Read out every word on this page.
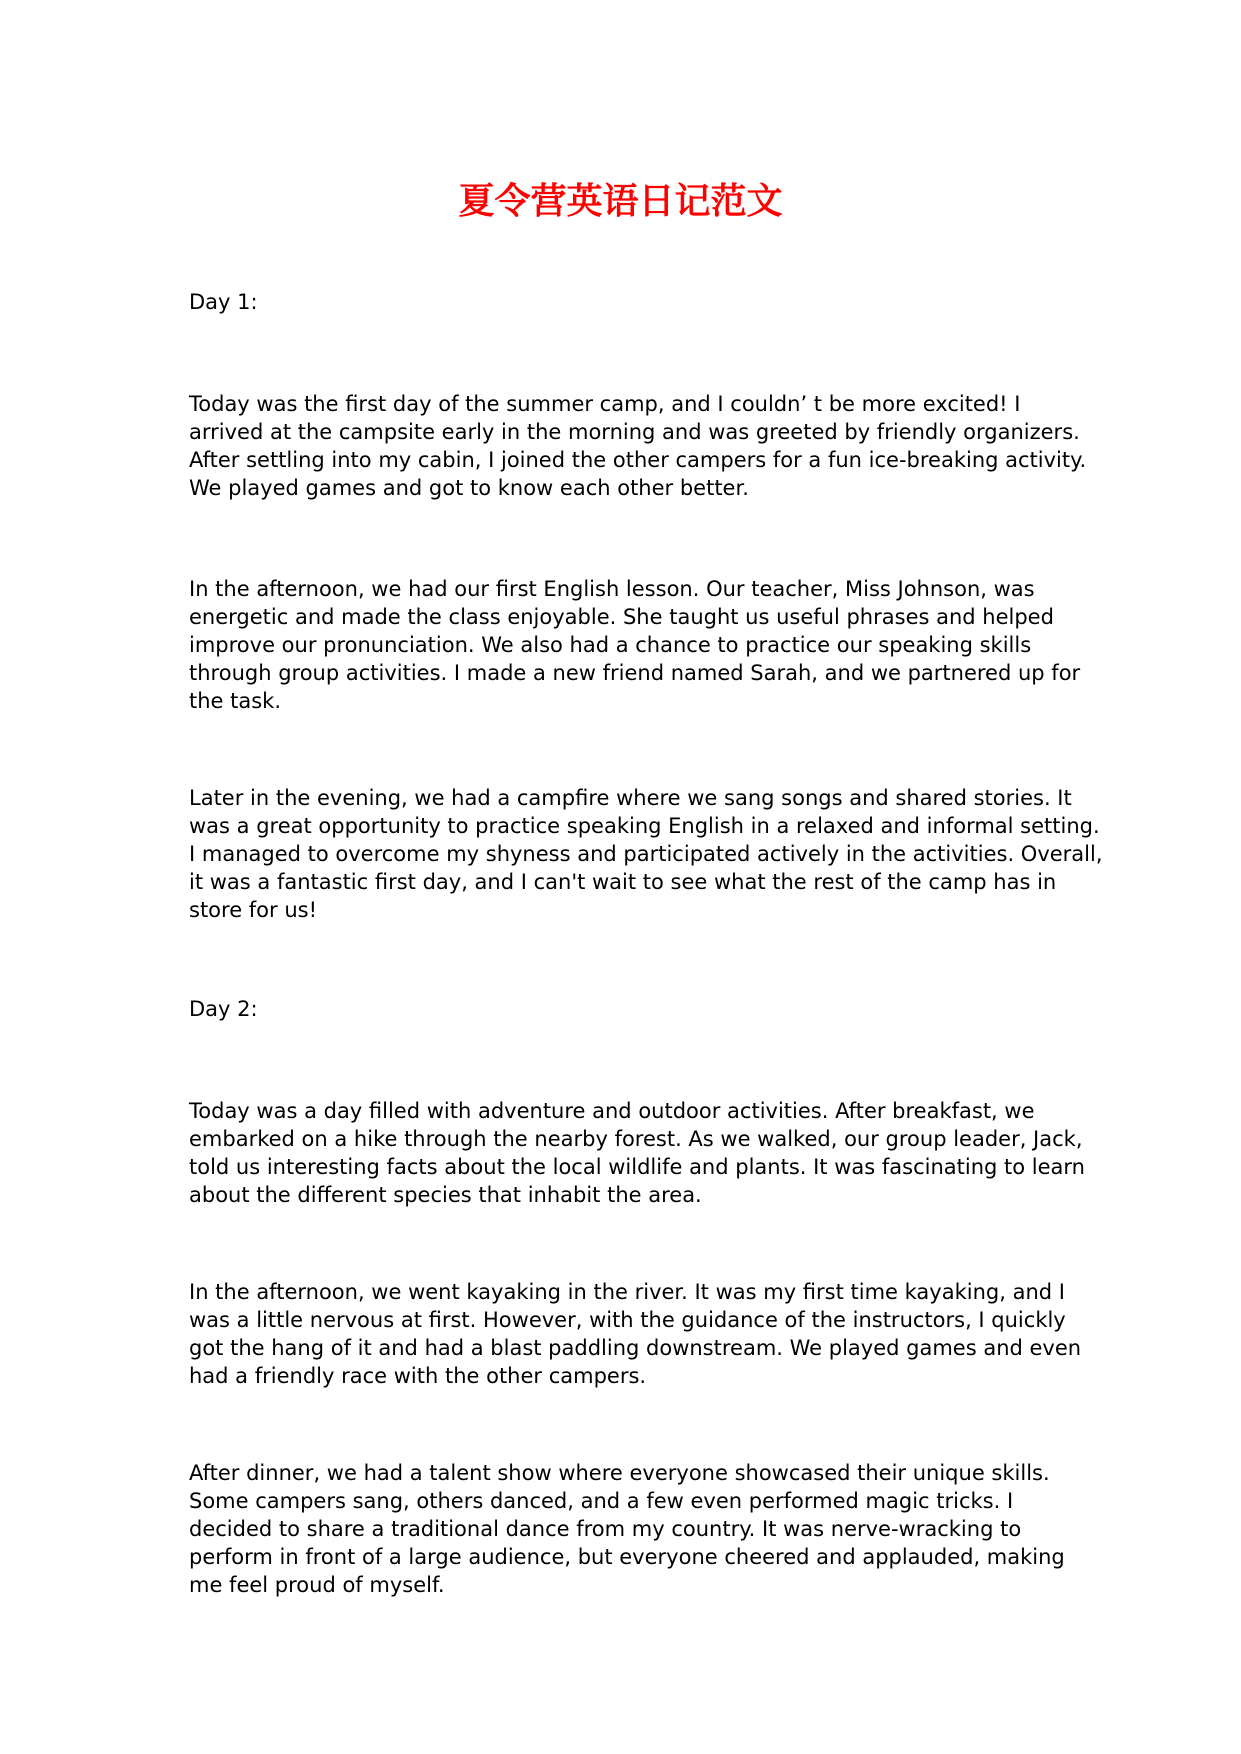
夏令营英语日记范文

Day 1:

Today was the first day of the summer camp, and I couldn’ t be more excited! I
arrived at the campsite early in the morning and was greeted by friendly organizers.
After settling into my cabin, I joined the other campers for a fun ice-breaking activity.
We played games and got to know each other better.

In the afternoon, we had our first English lesson. Our teacher, Miss Johnson, was
energetic and made the class enjoyable. She taught us useful phrases and helped
improve our pronunciation. We also had a chance to practice our speaking skills
through group activities. I made a new friend named Sarah, and we partnered up for
the task.

Later in the evening, we had a campfire where we sang songs and shared stories. It
was a great opportunity to practice speaking English in a relaxed and informal setting.
I managed to overcome my shyness and participated actively in the activities. Overall,
it was a fantastic first day, and I can't wait to see what the rest of the camp has in
store for us!

Day 2:

Today was a day filled with adventure and outdoor activities. After breakfast, we
embarked on a hike through the nearby forest. As we walked, our group leader, Jack,
told us interesting facts about the local wildlife and plants. It was fascinating to learn
about the different species that inhabit the area.

In the afternoon, we went kayaking in the river. It was my first time kayaking, and I
was a little nervous at first. However, with the guidance of the instructors, I quickly
got the hang of it and had a blast paddling downstream. We played games and even
had a friendly race with the other campers.

After dinner, we had a talent show where everyone showcased their unique skills.
Some campers sang, others danced, and a few even performed magic tricks. I
decided to share a traditional dance from my country. It was nerve-wracking to
perform in front of a large audience, but everyone cheered and applauded, making
me feel proud of myself.
